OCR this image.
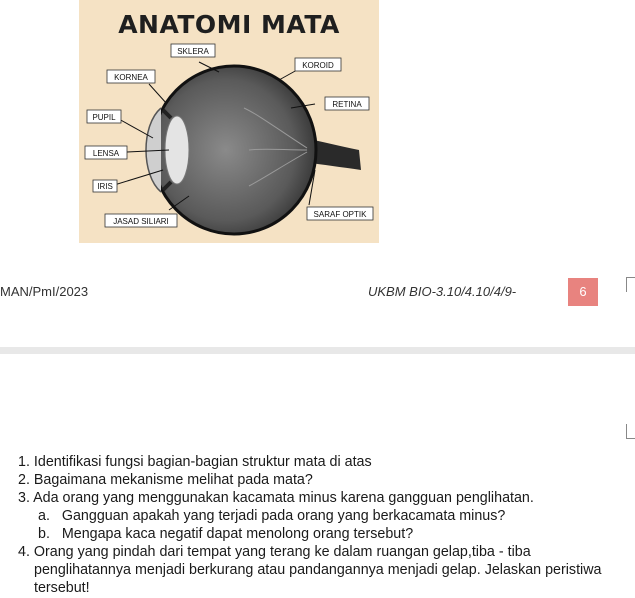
ANATOMI MATA
SKLERA
KOROID
KORNEA
RETINA
PUPIL
LENSA
IRIS
SARAF OPTIK
JASAD SILIARI
MAN/PmI/2023	UKBM BIO-3.10/4.10/4/9-	6

1. Identifikasi fungsi bagian-bagian struktur mata di atas

2. Bagaimana mekanisme melihat pada mata?

3. Ada orang yang menggunakan kacamata minus karena gangguan penglihatan.

a.   Gangguan apakah yang terjadi pada orang yang berkacamata minus?

b.   Mengapa kaca negatif dapat menolong orang tersebut?

4. Orang yang pindah dari tempat yang terang ke dalam ruangan gelap,tiba - tiba penglihatannya menjadi berkurang atau pandangannya menjadi gelap. Jelaskan peristiwa tersebut!
